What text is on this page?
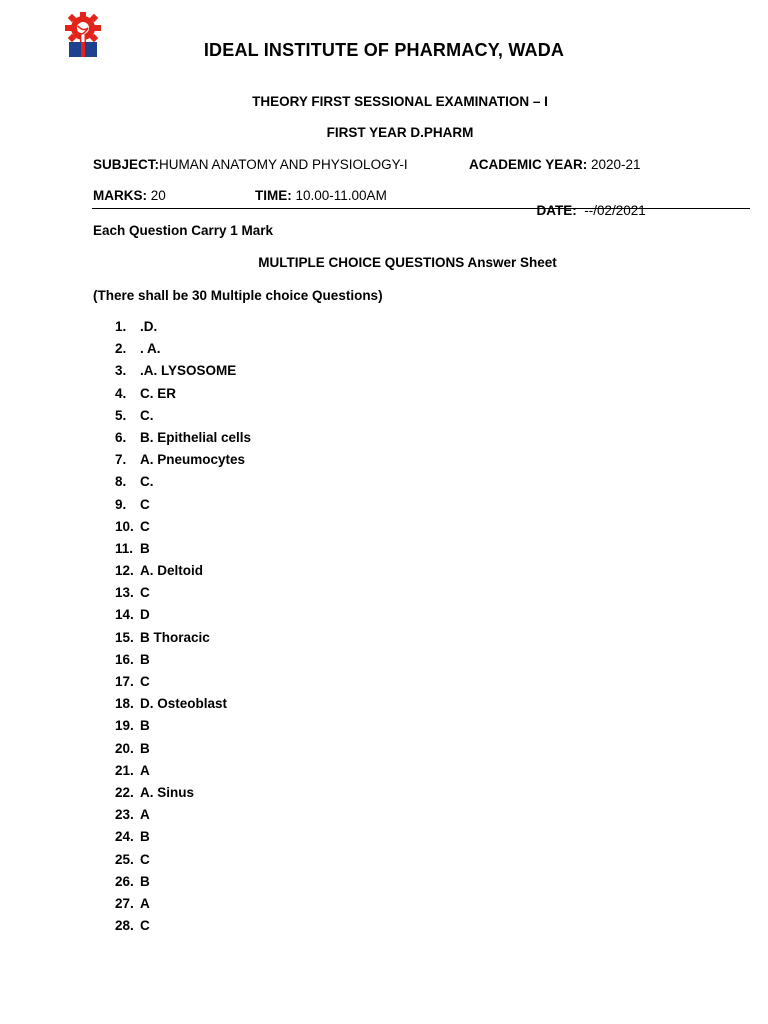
IDEAL INSTITUTE OF PHARMACY, WADA
THEORY FIRST SESSIONAL EXAMINATION – I
FIRST YEAR D.PHARM
SUBJECT:HUMAN ANATOMY AND PHYSIOLOGY-I	ACADEMIC YEAR: 2020-21
MARKS: 20	TIME: 10.00-11.00AM

DATE:  --/02/2021

Each Question Carry 1 Mark
MULTIPLE CHOICE QUESTIONS Answer Sheet
(There shall be 30 Multiple choice Questions)
1. .D.
2. . A.
3. .A. LYSOSOME
4. C. ER
5. C.
6. B. Epithelial cells
7. A. Pneumocytes
8. C.
9. C
10. C
11. B
12. A. Deltoid
13. C
14. D
15. B Thoracic
16. B
17. C
18. D. Osteoblast
19. B
20. B
21. A
22. A. Sinus
23. A
24. B
25. C
26. B
27. A
28. C
